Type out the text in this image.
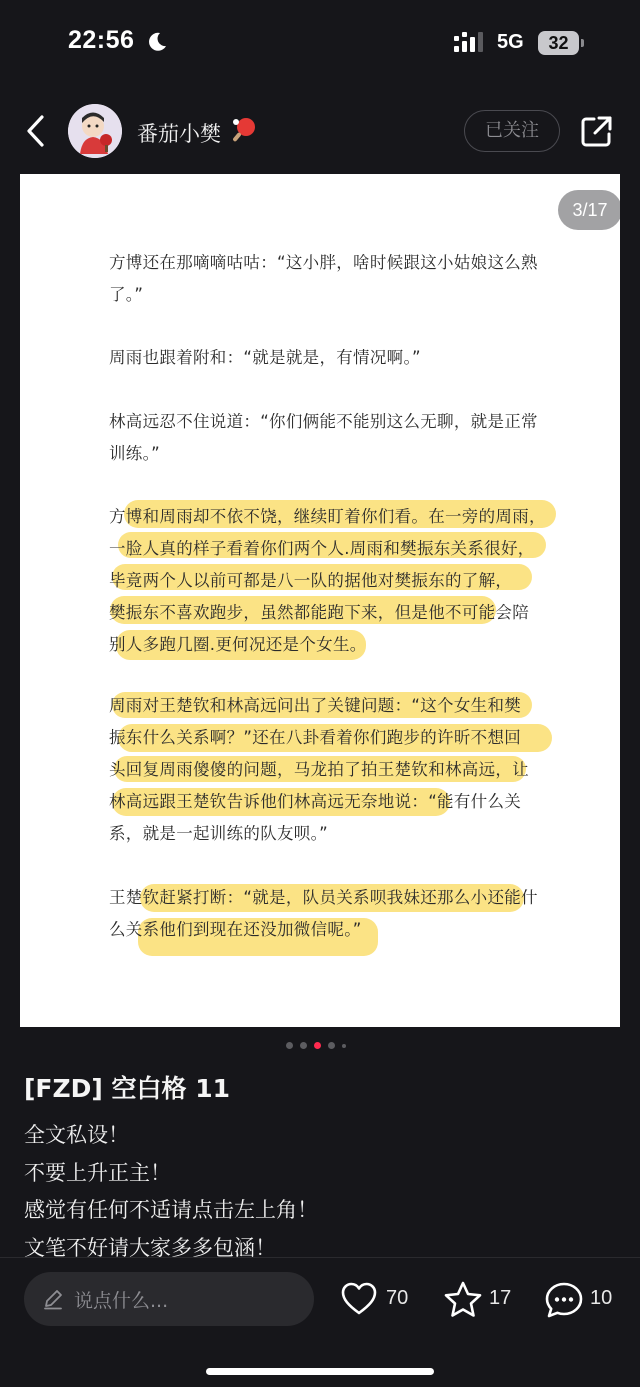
22:56	5G	32
番茄小樊	已关注
3/17
方博还在那嘀嘀咕咕：“这小胖，啥时候跟这小姑娘这么熟
了。”
周雨也跟着附和：“就是就是，有情况啊。”
林高远忍不住说道：“你们俩能不能别这么无聊，就是正常
训练。”
方博和周雨却不依不饶，继续盯着你们看。在一旁的周雨，
一脸人真的样子看着你们两个人.周雨和樊振东关系很好，
毕竟两个人以前可都是八一队的据他对樊振东的了解，
樊振东不喜欢跑步，虽然都能跑下来，但是他不可能会陪
别人多跑几圈.更何况还是个女生。
周雨对王楚钦和林高远问出了关键问题：“这个女生和樊
振东什么关系啊？”还在八卦看着你们跑步的许昕不想回
头回复周雨傻傻的问题，马龙拍了拍王楚钦和林高远，让
林高远跟王楚钦告诉他们林高远无奈地说：“能有什么关
系，就是一起训练的队友呗。”
王楚钦赶紧打断：“就是，队员关系呗我妹还那么小还能什
么关系他们到现在还没加微信呢。”
[FZD] 空白格 11
全文私设！
不要上升正主！
感觉有任何不适请点击左上角！
文笔不好请大家多多包涵！
说点什么...	70	17	10
